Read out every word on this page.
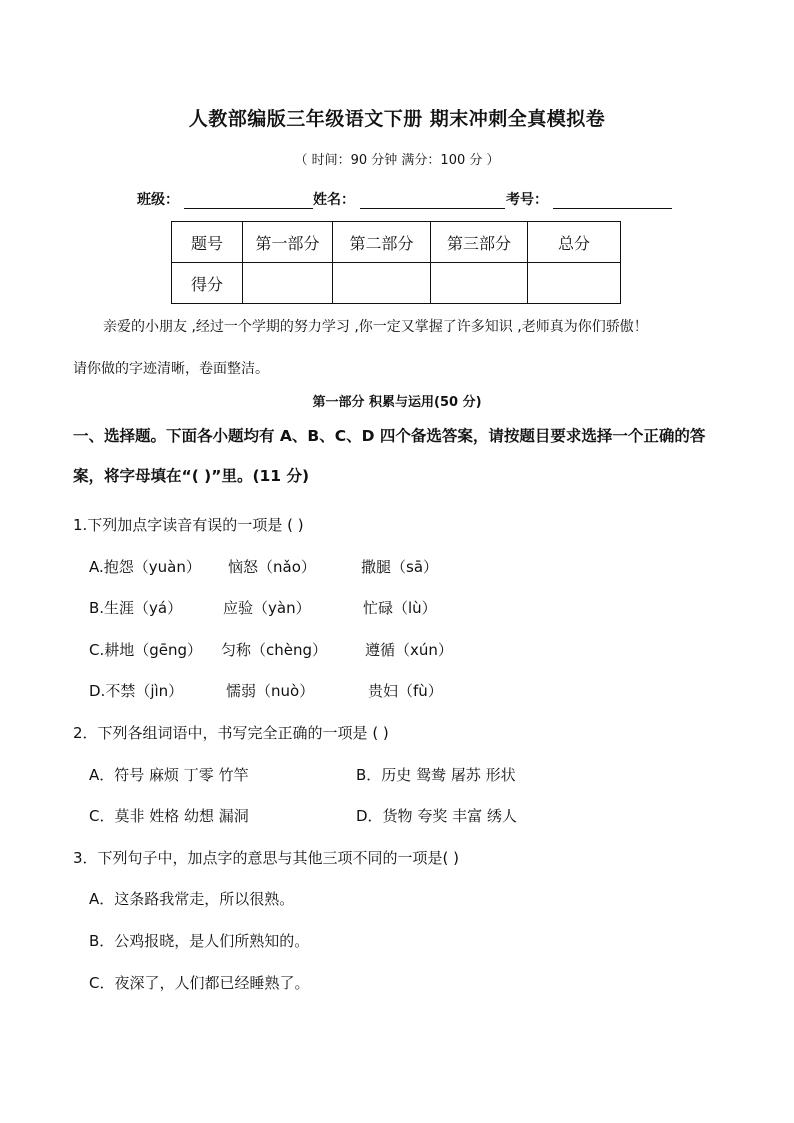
人教部编版三年级语文下册 期末冲刺全真模拟卷
（ 时间：90 分钟 满分：100 分 ）
班级：	姓名：	考号：
题号	第一部分	第二部分	第三部分	总分
得分				
亲爱的小朋友 ,经过一个学期的努力学习 ,你一定又掌握了许多知识 ,老师真为你们骄傲！
请你做的字迹清晰，卷面整洁。
第一部分 积累与运用(50 分)
一、选择题。下面各小题均有 A、B、C、D 四个备选答案，请按题目要求选择一个正确的答
案，将字母填在“( )”里。(11 分)
1.下列加点字读音有误的一项是 ( )
A.抱怨（yuàn） 恼怒（nǎo）	撒腿（sā）
B.生涯（yá）	应验（yàn）	忙碌（lù）
C.耕地（gēng） 匀称（chèng）	遵循（xún）
D.不禁（jìn）	懦弱（nuò）	贵妇（fù）
2．下列各组词语中，书写完全正确的一项是 ( )
A．符号 麻烦 丁零 竹竿	B．历史 鸳鸯 屠苏 形状
C．莫非 姓格 幼想 漏洞	D．货物 夸奖 丰富 绣人
3．下列句子中，加点字的意思与其他三项不同的一项是( )
A．这条路我常走，所以很熟。
B．公鸡报晓，是人们所熟知的。
C．夜深了，人们都已经睡熟了。
